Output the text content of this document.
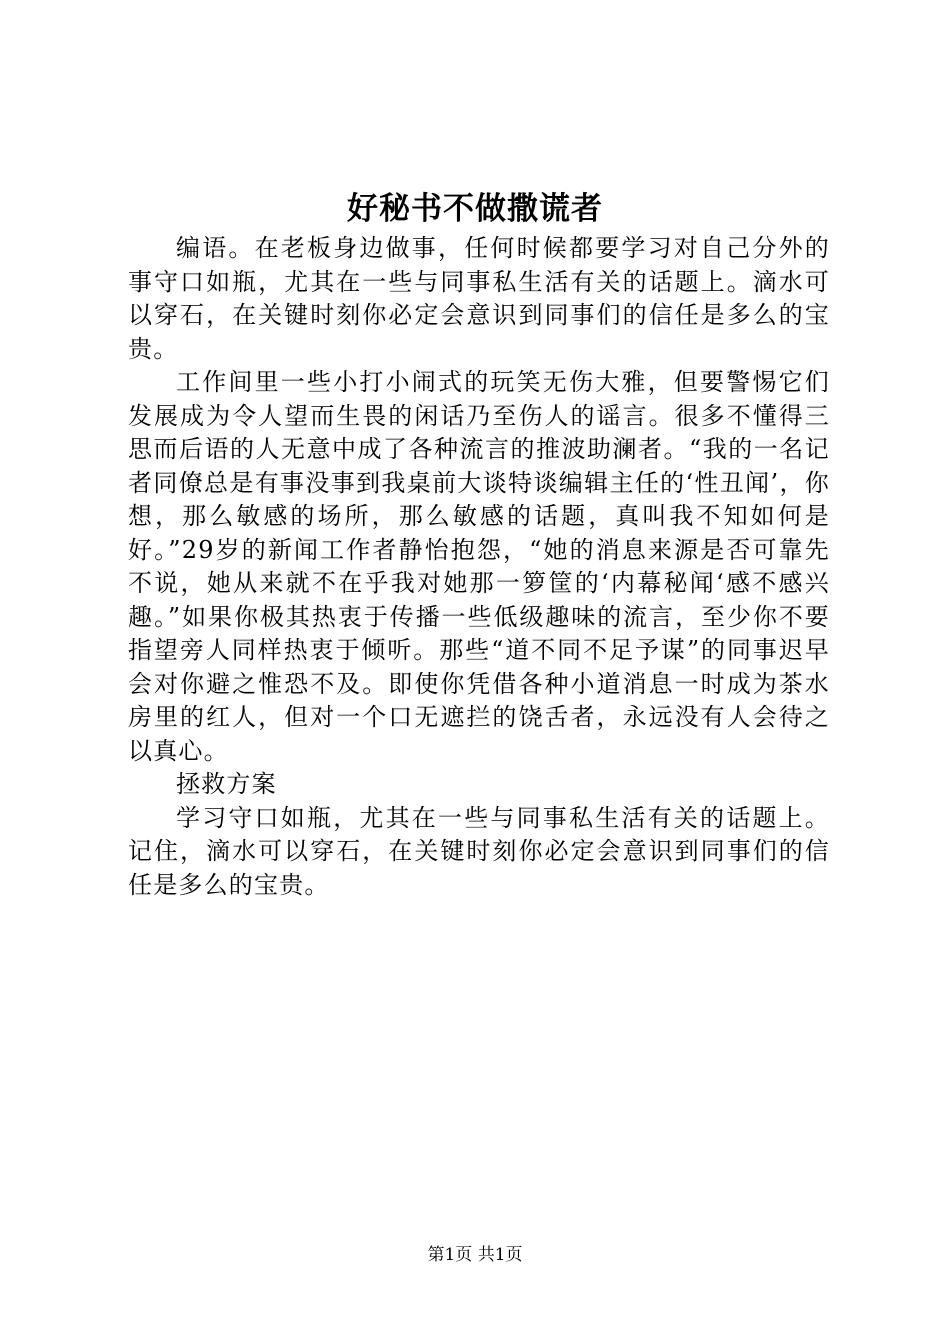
好秘书不做撒谎者

编语。在老板身边做事，任何时候都要学习对自己分外的事守口如瓶，尤其在一些与同事私生活有关的话题上。滴水可以穿石，在关键时刻你必定会意识到同事们的信任是多么的宝贵。

工作间里一些小打小闹式的玩笑无伤大雅，但要警惕它们发展成为令人望而生畏的闲话乃至伤人的谣言。很多不懂得三思而后语的人无意中成了各种流言的推波助澜者。“我的一名记者同僚总是有事没事到我桌前大谈特谈编辑主任的‘性丑闻’，你想，那么敏感的场所，那么敏感的话题，真叫我不知如何是好。”29岁的新闻工作者静怡抱怨，“她的消息来源是否可靠先不说，她从来就不在乎我对她那一箩筐的‘内幕秘闻‘感不感兴趣。”如果你极其热衷于传播一些低级趣味的流言，至少你不要指望旁人同样热衷于倾听。那些“道不同不足予谋”的同事迟早会对你避之惟恐不及。即使你凭借各种小道消息一时成为茶水房里的红人，但对一个口无遮拦的饶舌者，永远没有人会待之以真心。

拯救方案

学习守口如瓶，尤其在一些与同事私生活有关的话题上。记住，滴水可以穿石，在关键时刻你必定会意识到同事们的信任是多么的宝贵。

第1页 共1页
